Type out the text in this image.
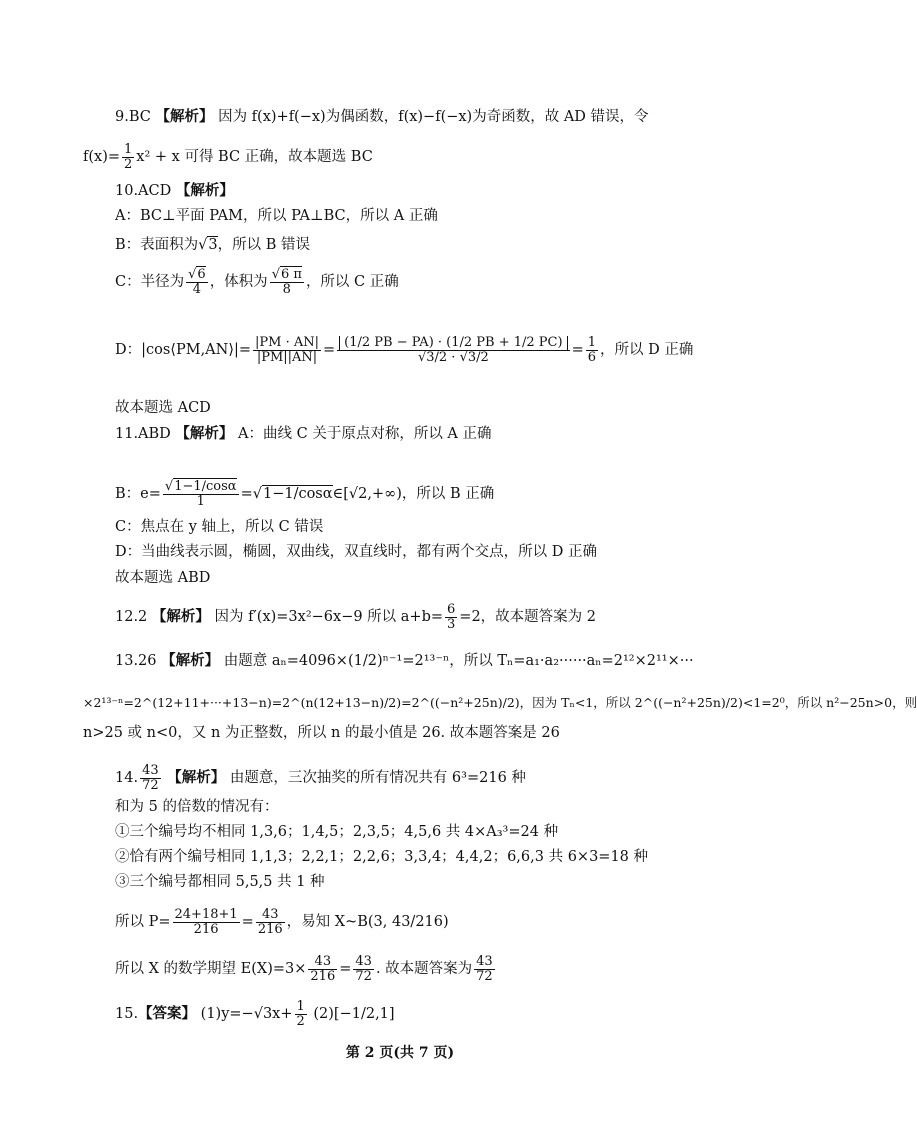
9.BC 【解析】 因为 f(x)+f(−x)为偶函数，f(x)−f(−x)为奇函数，故 AD 错误，令
$f(x)= \frac{1}{2} x^2 + x$ 可得 BC 正确，故本题选 BC
10.ACD 【解析】
A：BC⊥平面 PAM，所以 PA⊥BC，所以 A 正确
B：表面积为√3，所以 B 错误
C：半径为 $\frac{√6}{4}$ ，体积为 $\frac{√6 \pi}{8}$ ，所以 C 正确
D：|cos⟨PM,AN⟩|= $\frac{|PM \cdot AN|}{|PM||AN|} = \frac{(1/2 PB - PA) \cdot (1/2 PB + 1/2 PC)}{√3/2 \cdot √3/2} = \frac{1}{6}$ ，所以 D 正确
故本题选 ACD
11.ABD 【解析】 A：曲线 C 关于原点对称，所以 A 正确
B：$e= \frac{√1-1/\cos\alpha}{1}$ =√1−1/cosα∈[√2,+∞)，所以 B 正确
C：焦点在 y 轴上，所以 C 错误
D：当曲线表示圆，椭圆，双曲线，双直线时，都有两个交点，所以 D 正确
故本题选 ABD
12.2 【解析】 因为 f′(x)=3x²−6x−9 所以 $a+b= \frac{6}{3} =2$，故本题答案为 2
13.26 【解析】 由题意 aₙ=4096×(1/2)ⁿ⁻¹=2¹³⁻ⁿ，所以 Tₙ=a₁·a₂······aₙ=2¹²×2¹¹×···
×2¹³⁻ⁿ=2^(12+11+···+13−n)=2^(n(12+13−n)/2)=2^((−n²+25n)/2)，因为 Tₙ<1，所以 2^((−n²+25n)/2)<1=2⁰，所以 n²−25n>0，则
n>25 或 n<0，又 n 为正整数，所以 n 的最小值是 26. 故本题答案是 26
14. $\frac{43}{72}$ 【解析】 由题意，三次抽奖的所有情况共有 6³=216 种
和为 5 的倍数的情况有：
①三个编号均不相同 1,3,6；1,4,5；2,3,5；4,5,6 共 4×A₃³=24 种
②恰有两个编号相同 1,1,3；2,2,1；2,2,6；3,3,4；4,4,2；6,6,3 共 6×3=18 种
③三个编号都相同 5,5,5 共 1 种
所以 $P= \frac{24+18+1}{216} = \frac{43}{216}$ ，易知 X~B(3, 43/216)
所以 X 的数学期望 $E(X)=3\times \frac{43}{216} = \frac{43}{72}$ . 故本题答案为 $\frac{43}{72}$
15.【答案】 $(1)y=-√3x+ \frac{1}{2} (2)[-1/2,1]$
第 2 页(共 7 页)
